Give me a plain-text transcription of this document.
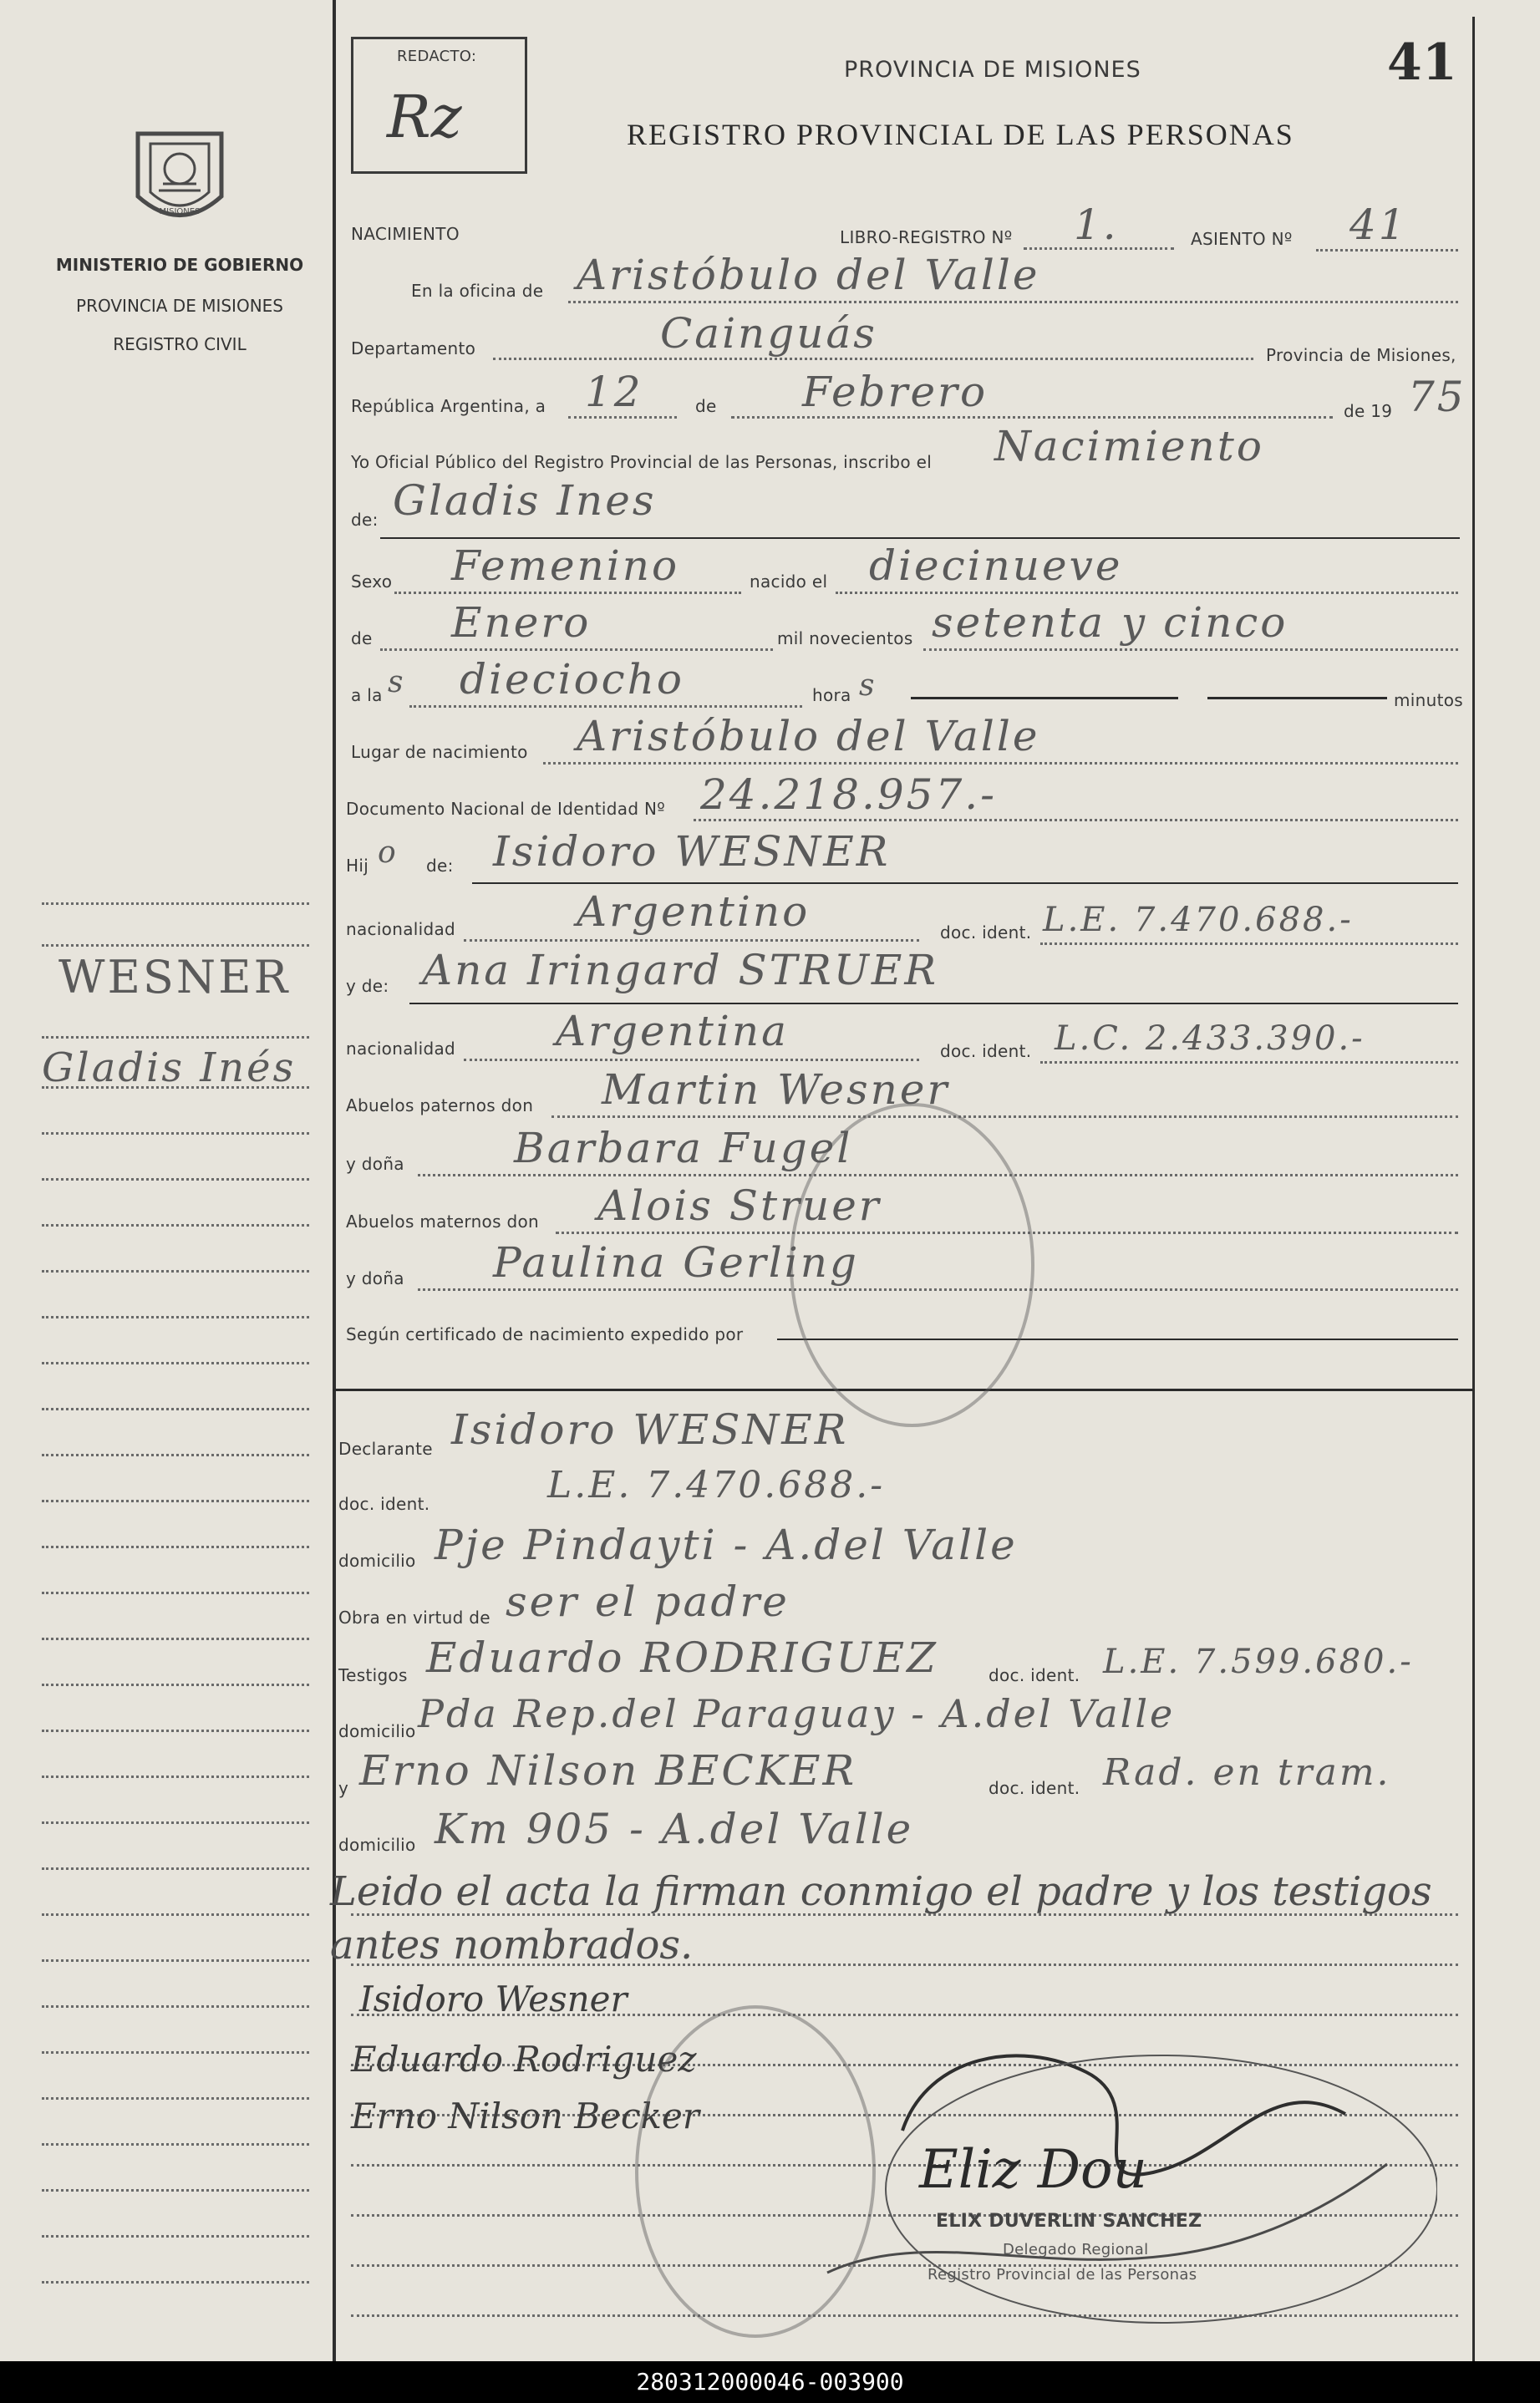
MISIONES
MINISTERIO DE GOBIERNO
PROVINCIA DE MISIONES
REGISTRO CIVIL
WESNER
Gladis Inés
REDACTO:
Rz
PROVINCIA DE MISIONES	41
REGISTRO PROVINCIAL DE LAS PERSONAS
NACIMIENTO	LIBRO-REGISTRO Nº 1.	ASIENTO Nº 41
En la oficina de Aristóbulo del Valle
Departamento	Cainguás	Provincia de Misiones,
República Argentina, a 12	de Febrero	de 19 75
Yo Oficial Público del Registro Provincial de las Personas, inscribo el Nacimiento
de: Gladis Ines
Sexo Femenino	nacido el diecinueve
de Enero	mil novecientos setenta y cinco
a la s dieciocho	hora s	minutos
Lugar de nacimiento Aristóbulo del Valle
Documento Nacional de Identidad Nº 24.218.957.-
Hij o de: Isidoro WESNER
nacionalidad	Argentino	doc. ident. L.E. 7.470.688.-
y de: Ana Iringard STRUER
nacionalidad Argentina	doc. ident. L.C. 2.433.390.-
Abuelos paternos don Martin Wesner
y doña	Barbara Fugel
Abuelos maternos don Alois Struer
y doña Paulina Gerling
Según certificado de nacimiento expedido por
Declarante Isidoro WESNER
doc. ident.	L.E. 7.470.688.-
domicilio Pje Pindayti - A.del Valle
Obra en virtud de ser el padre
Testigos Eduardo RODRIGUEZ	doc. ident. L.E. 7.599.680.-
domicilio Pda Rep.del Paraguay - A.del Valle
y Erno Nilson BECKER	doc. ident. Rad. en tram.
domicilio Km 905 - A.del Valle
Leido el acta la firman conmigo el padre y los testigos
antes nombrados.
Isidoro Wesner
Eduardo Rodriguez
Erno Nilson Becker
Eliz Dou
ELIX DUVERLIN SANCHEZ
Delegado Regional
Registro Provincial de las Personas
280312000046-003900
